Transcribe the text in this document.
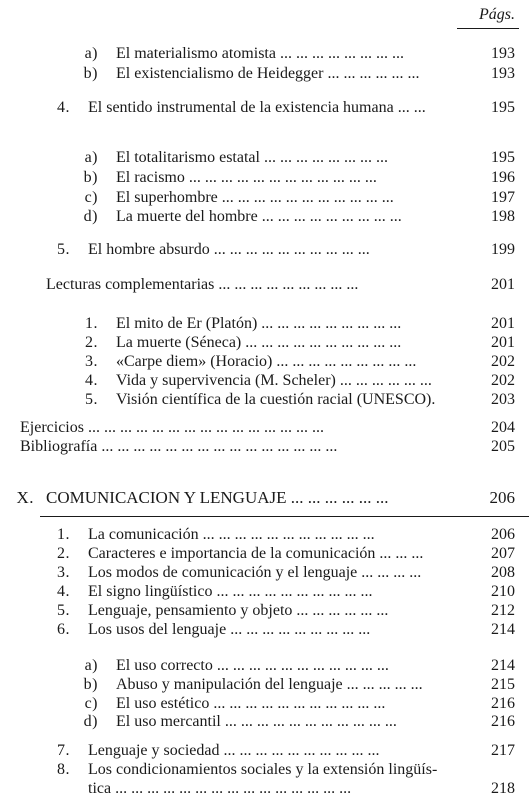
Págs.
a) El materialismo atomista ... ... ... ... ... ... ... ...	193
b) El existencialismo de Heidegger ... ... ... ... ... ...	193
4. El sentido instrumental de la existencia humana ... ...	195
a) El totalitarismo estatal ... ... ... ... ... ... ... ...	195
b) El racismo ... ... ... ... ... ... ... ... ... ... ... ...	196
c) El superhombre ... ... ... ... ... ... ... ... ... ... ...	197
d) La muerte del hombre ... ... ... ... ... ... ... ... ...	198
5. El hombre absurdo ... ... ... ... ... ... ... ... ... ...	199
Lecturas complementarias ... ... ... ... ... ... ... ... ...	201
1. El mito de Er (Platón) ... ... ... ... ... ... ... ... ...	201
2. La muerte (Séneca) ... ... ... ... ... ... ... ... ... ...	201
3. «Carpe diem» (Horacio) ... ... ... ... ... ... ... ... ...	202
4. Vida y supervivencia (M. Scheler) ... ... ... ... ... ...	202
5. Visión científica de la cuestión racial (UNESCO).	203
Ejercicios ... ... ... ... ... ... ... ... ... ... ... ... ... ... ...	204
Bibliografía ... ... ... ... ... ... ... ... ... ... ... ... ... ... ...	205
X. COMUNICACION Y LENGUAJE ... ... ... ... ... ...	206
1. La comunicación ... ... ... ... ... ... ... ... ... ... ...	206
2. Caracteres e importancia de la comunicación ... ... ...	207
3. Los modos de comunicación y el lenguaje ... ... ... ...	208
4. El signo lingüístico ... ... ... ... ... ... ... ... ... ...	210
5. Lenguaje, pensamiento y objeto ... ... ... ... ... ...	212
6. Los usos del lenguaje ... ... ... ... ... ... ... ... ...	214
a) El uso correcto ... ... ... ... ... ... ... ... ... ... ...	214
b) Abuso y manipulación del lenguaje ... ... ... ... ...	215
c) El uso estético ... ... ... ... ... ... ... ... ... ... ...	216
d) El uso mercantil ... ... ... ... ... ... ... ... ... ... ...	216
7. Lenguaje y sociedad ... ... ... ... ... ... ... ... ... ...	217
8. Los condicionamientos sociales y la extensión lingüís-
tica ... ... ... ... ... ... ... ... ... ... ... ... ... ... ...	218
